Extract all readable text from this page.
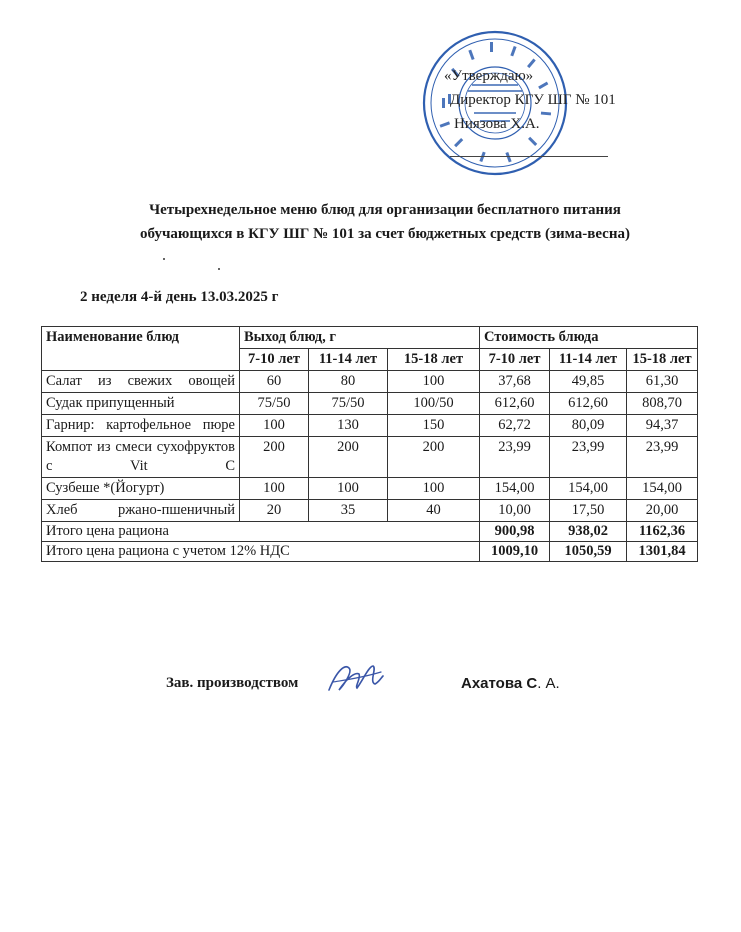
«Утверждаю»
Директор КГУ ШГ № 101
Ниязова Х.А.
Четырехнедельное меню блюд для организации бесплатного питания
обучающихся в КГУ ШГ № 101 за счет бюджетных средств (зима-весна)
2 неделя 4-й день 13.03.2025 г
Наименование блюд	Выход блюд, г			Стоимость блюда		
	7-10 лет	11-14 лет	15-18 лет	7-10 лет	11-14 лет	15-18 лет
Салат из свежих овощей	60	80	100	37,68	49,85	61,30
Судак припущенный	75/50	75/50	100/50	612,60	612,60	808,70
Гарнир: картофельное пюре	100	130	150	62,72	80,09	94,37
Компот из смеси сухофруктов с Vit C	200	200	200	23,99	23,99	23,99
Сузбеше *(Йогурт)	100	100	100	154,00	154,00	154,00
Хлеб ржано-пшеничный	20	35	40	10,00	17,50	20,00
Итого цена рациона				900,98	938,02	1162,36
Итого цена рациона с учетом 12% НДС				1009,10	1050,59	1301,84
Зав. производством	Ахатова С. А.
